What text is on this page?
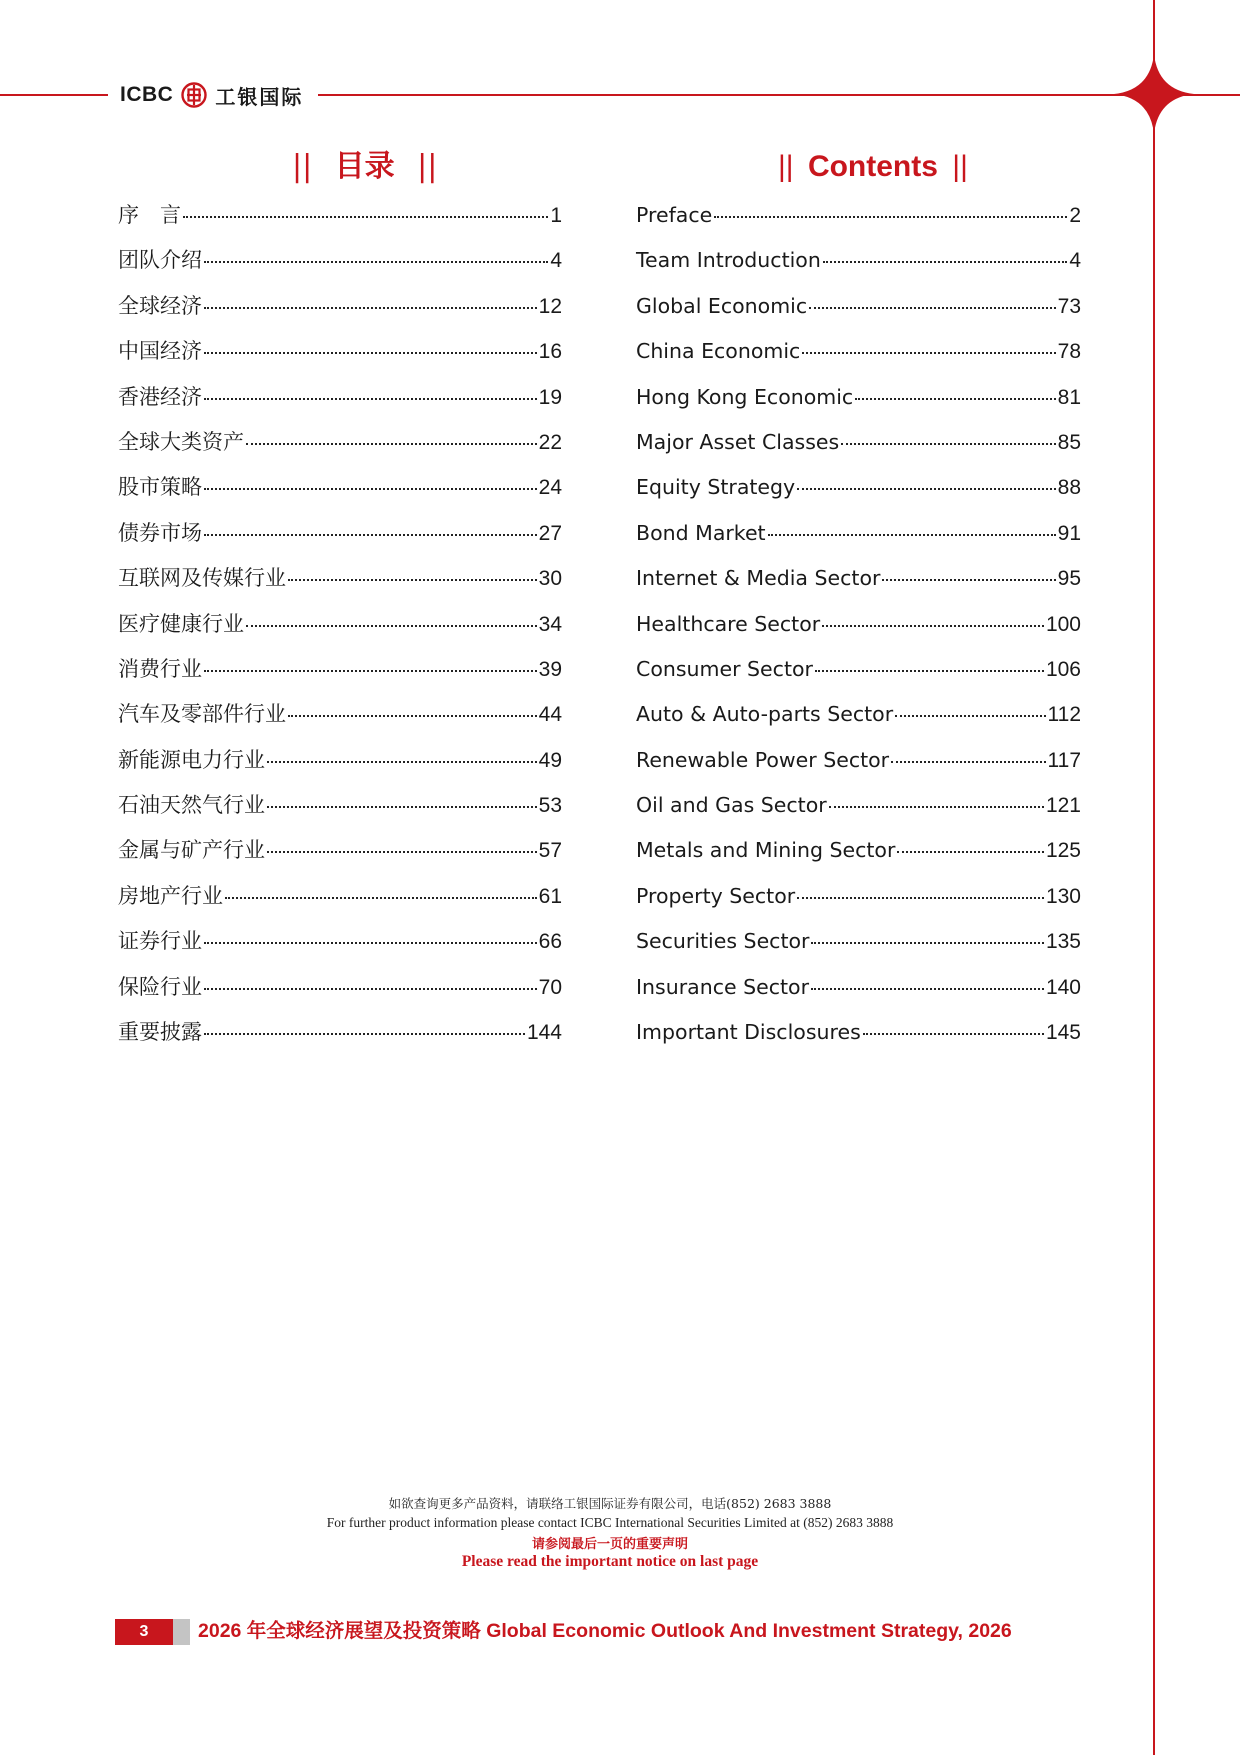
ICBC 工银国际
|| 目录 ||	|| Contents ||
序　言	1
团队介绍	4
全球经济	12
中国经济	16
香港经济	19
全球大类资产	22
股市策略	24
债券市场	27
互联网及传媒行业	30
医疗健康行业	34
消费行业	39
汽车及零部件行业	44
新能源电力行业	49
石油天然气行业	53
金属与矿产行业	57
房地产行业	61
证券行业	66
保险行业	70
重要披露	144
Preface	2
Team Introduction	4
Global Economic	73
China Economic	78
Hong Kong Economic	81
Major Asset Classes	85
Equity Strategy	88
Bond Market	91
Internet & Media Sector	95
Healthcare Sector	100
Consumer Sector	106
Auto & Auto-parts Sector	112
Renewable Power Sector	117
Oil and Gas Sector	121
Metals and Mining Sector	125
Property Sector	130
Securities Sector	135
Insurance Sector	140
Important Disclosures	145
如欲查询更多产品资料，请联络工银国际证券有限公司，电话(852) 2683 3888
For further product information please contact ICBC International Securities Limited at (852) 2683 3888
请参阅最后一页的重要声明
Please read the important notice on last page
3	2026 年全球经济展望及投资策略 Global Economic Outlook And Investment Strategy, 2026
